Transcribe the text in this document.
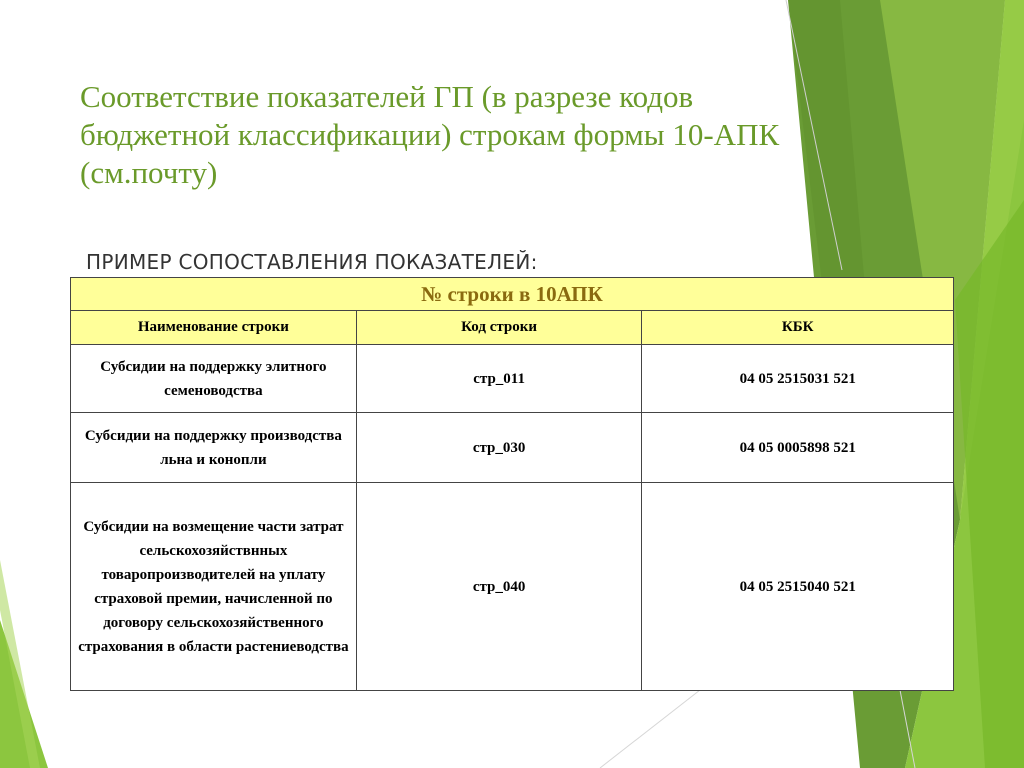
Соответствие показателей ГП (в разрезе кодов бюджетной классификации) строкам формы 10-АПК (см.почту)
ПРИМЕР СОПОСТАВЛЕНИЯ ПОКАЗАТЕЛЕЙ:
№ строки в 10АПК		
Наименование строки	Код строки	КБК
Субсидии на поддержку элитного семеноводства	стр_011	04 05 2515031 521
Субсидии на поддержку производства льна и конопли	стр_030	04 05 0005898 521
Субсидии на возмещение части затрат сельскохозяйствнных товаропроизводителей на уплату страховой премии, начисленной по договору сельскохозяйственного страхования в области растениеводства	стр_040	04 05 2515040 521
